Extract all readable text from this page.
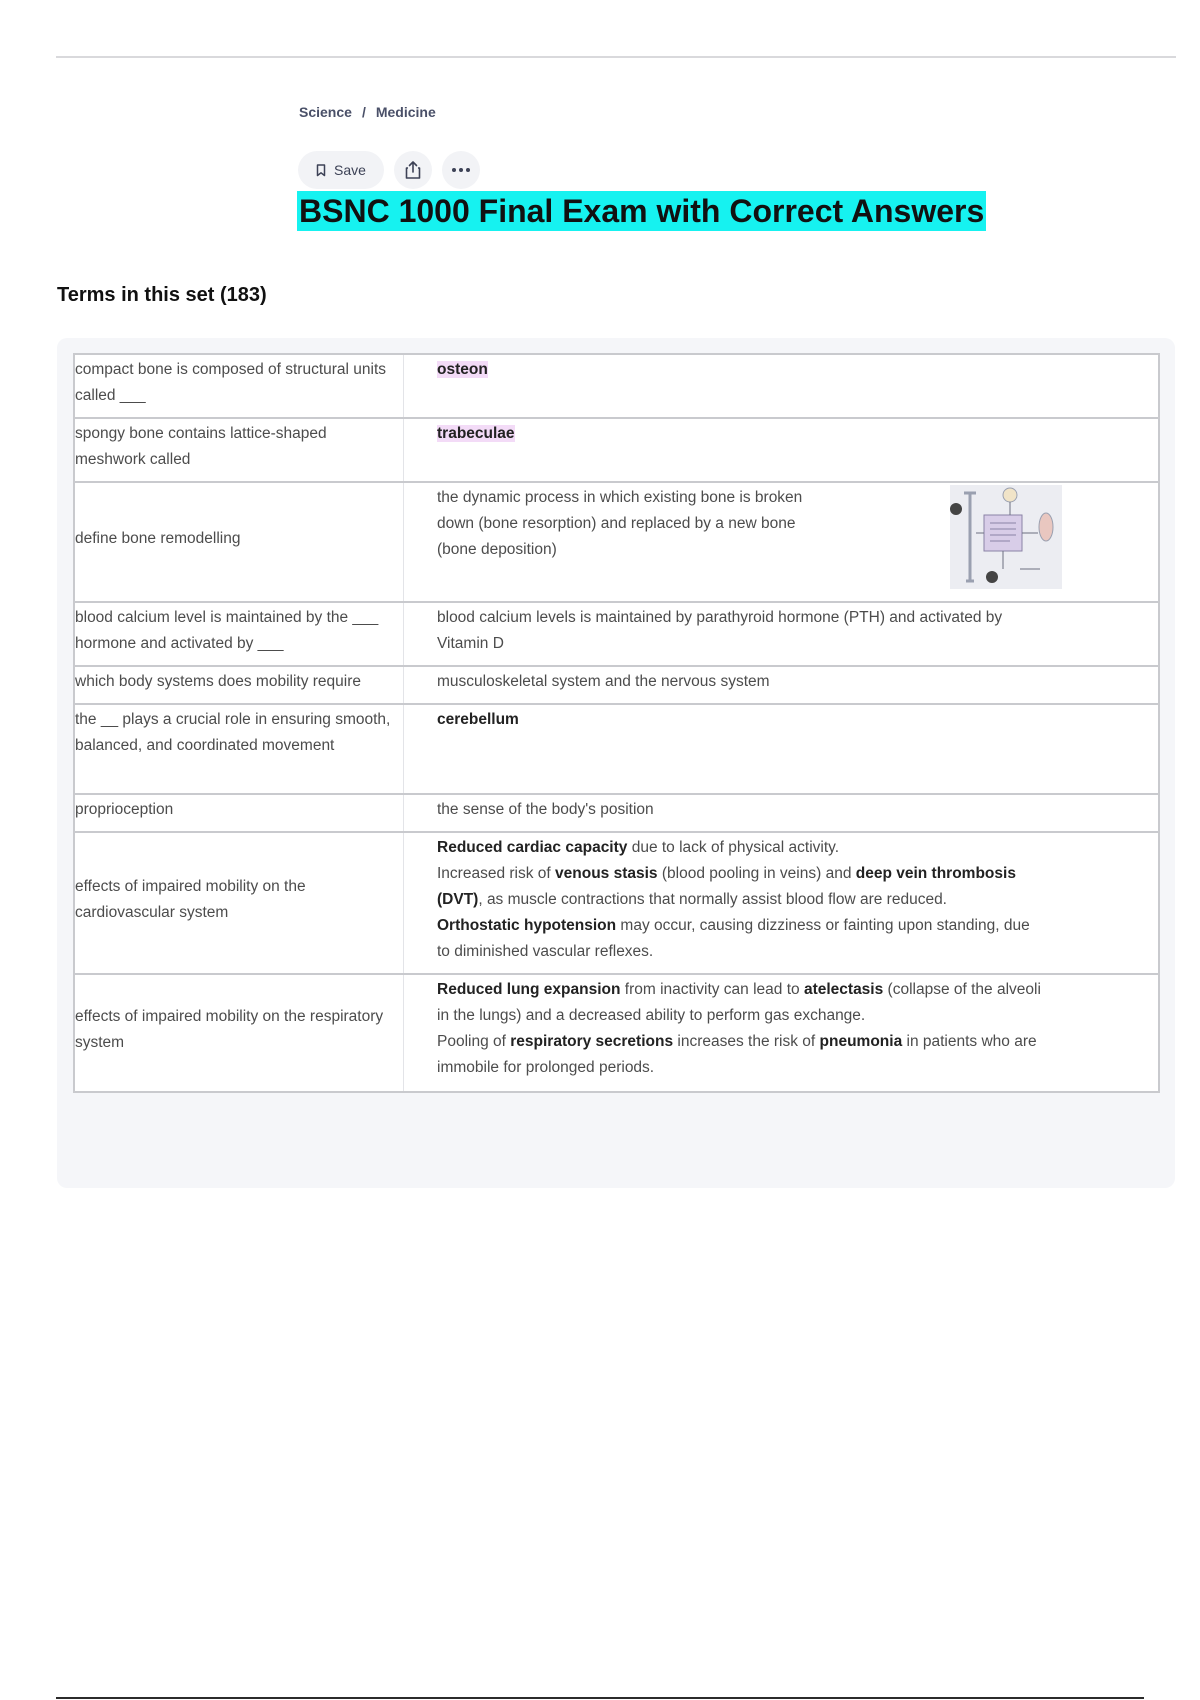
Science / Medicine
Save
BSNC 1000 Final Exam with Correct Answers
Terms in this set (183)
compact bone is composed of structural units called ___	osteon
spongy bone contains lattice-shaped meshwork called	trabeculae
define bone remodelling	the dynamic process in which existing bone is broken down (bone resorption) and replaced by a new bone (bone deposition)

blood calcium level is maintained by the ___ hormone and activated by ___	blood calcium levels is maintained by parathyroid hormone (PTH) and activated by Vitamin D

which body systems does mobility require	musculoskeletal system and the nervous system
the __ plays a crucial role in ensuring smooth, balanced, and coordinated movement	cerebellum
proprioception	the sense of the body's position
effects of impaired mobility on the cardiovascular system	Reduced cardiac capacity due to lack of physical activity.
Increased risk of venous stasis (blood pooling in veins) and deep vein thrombosis (DVT), as muscle contractions that normally assist blood flow are reduced.
Orthostatic hypotension may occur, causing dizziness or fainting upon standing, due to diminished vascular reflexes.

effects of impaired mobility on the respiratory system	Reduced lung expansion from inactivity can lead to atelectasis (collapse of the alveoli in the lungs) and a decreased ability to perform gas exchange.
Pooling of respiratory secretions increases the risk of pneumonia in patients who are immobile for prolonged periods.
